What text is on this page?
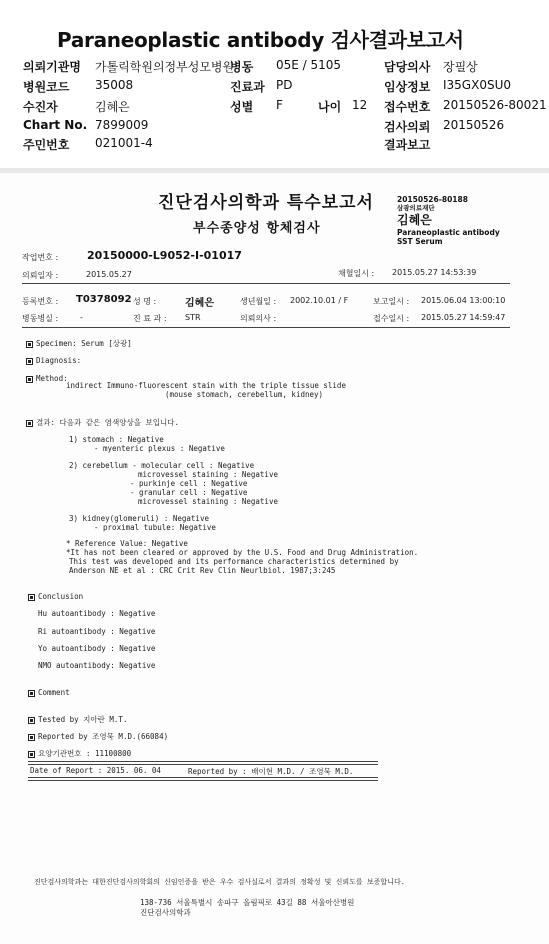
Paraneoplastic antibody 검사결과보고서
의뢰기관명 가톨릭학원의정부성모병원
병동 05E / 5105	담당의사 장필상
병원코드 35008	진료과 PD	임상정보 I35GX0SU0
수진자	김혜은	성별 F	나이 12 접수번호 20150526-80021
Chart No. 7899009	검사의뢰 20150526
주민번호 021001-4	결과보고
진단검사의학과 특수보고서
부수종양성 항체검사
20150526-80188
삼광의료재단
김혜은
Paraneoplastic antibody
SST Serum
작업번호 :	20150000-L9052-I-01017
의뢰일자 :	2015.05.27	채혈일시 : 2015.05.27 14:53:39
등록번호 : T0378092 성 명 :	김혜은	생년월일 : 2002.10.01 / F	보고일시 : 2015.06.04 13:00:10
병동병실 :	-	진 료 과 : STR	의뢰의사 :	접수일시 : 2015.05.27 14:59:47
Specimen: Serum [상광]
Diagnosis:
Method:
indirect Immuno-fluorescent stain with the triple tissue slide
(mouse stomach, cerebellum, kidney)
결과: 다음과 같은 염색양상을 보입니다.
1) stomach : Negative
- myenteric plexus : Negative
2) cerebellum - molecular cell : Negative
microvessel staining : Negative
- purkinje cell : Negative
- granular cell : Negative
microvessel staining : Negative
3) kidney(glomeruli) : Negative
- proximal tubule: Negative
* Reference Value: Negative
*It has not been cleared or approved by the U.S. Food and Drug Administration.
This test was developed and its performance characteristics determined by
Anderson NE et al : CRC Crit Rev Clin Neurlbiol. 1987;3:245
Conclusion
Hu autoantibody : Negative
Ri autoantibody : Negative
Yo autoantibody : Negative
NMO autoantibody: Negative
Comment
Tested by 지아란 M.T.
Reported by 조영묵 M.D.(66084)
요양기관번호 : 11100800
Date of Report : 2015. 06. 04	Reported by : 배이현 M.D. / 조영묵 M.D.
진단검사의학과는 대한진단검사의학회의 신임인증을 받은 우수 검사실로서 결과의 정확성 및 신뢰도를 보증합니다.
138-736 서울특별시 송파구 올림픽로 43길 88 서울아산병원
진단검사의학과
